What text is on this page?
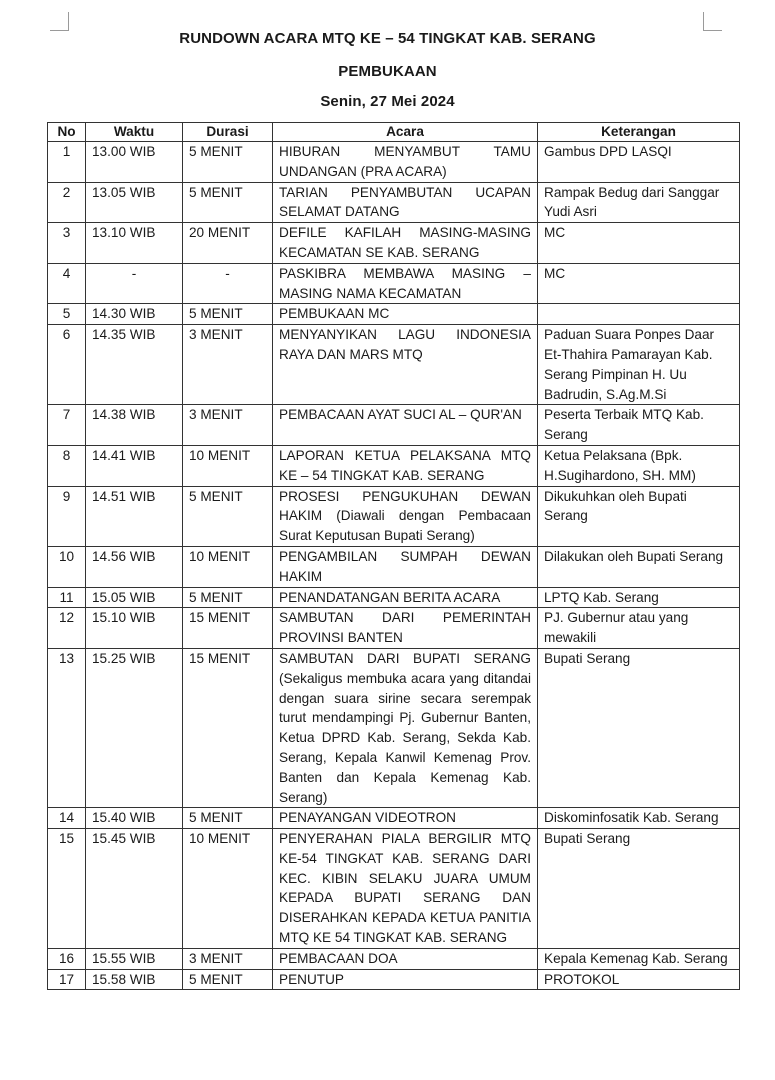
RUNDOWN ACARA MTQ KE – 54 TINGKAT KAB. SERANG
PEMBUKAAN
Senin, 27 Mei 2024
No	Waktu	Durasi	Acara	Keterangan
1	13.00 WIB	5 MENIT	HIBURAN MENYAMBUT TAMU UNDANGAN (PRA ACARA)	Gambus DPD LASQI
2	13.05 WIB	5 MENIT	TARIAN PENYAMBUTAN UCAPAN SELAMAT DATANG	Rampak Bedug dari Sanggar Yudi Asri
3	13.10 WIB	20 MENIT	DEFILE KAFILAH MASING-MASING KECAMATAN SE KAB. SERANG	MC
4	-	-	PASKIBRA MEMBAWA MASING – MASING NAMA KECAMATAN	MC
5	14.30 WIB	5 MENIT	PEMBUKAAN MC	
6	14.35 WIB	3 MENIT	MENYANYIKAN LAGU INDONESIA RAYA DAN MARS MTQ	Paduan Suara Ponpes Daar Et-Thahira Pamarayan Kab. Serang Pimpinan H. Uu Badrudin, S.Ag.M.Si
7	14.38 WIB	3 MENIT	PEMBACAAN AYAT SUCI AL – QUR'AN	Peserta Terbaik MTQ Kab. Serang
8	14.41 WIB	10 MENIT	LAPORAN KETUA PELAKSANA MTQ KE – 54 TINGKAT KAB. SERANG	Ketua Pelaksana (Bpk. H.Sugihardono, SH. MM)
9	14.51 WIB	5 MENIT	PROSESI PENGUKUHAN DEWAN HAKIM (Diawali dengan Pembacaan Surat Keputusan Bupati Serang)	Dikukuhkan oleh Bupati Serang
10	14.56 WIB	10 MENIT	PENGAMBILAN SUMPAH DEWAN HAKIM	Dilakukan oleh Bupati Serang
11	15.05 WIB	5 MENIT	PENANDATANGAN BERITA ACARA	LPTQ Kab. Serang
12	15.10 WIB	15 MENIT	SAMBUTAN DARI PEMERINTAH PROVINSI BANTEN	PJ. Gubernur atau yang mewakili
13	15.25 WIB	15 MENIT	SAMBUTAN DARI BUPATI SERANG (Sekaligus membuka acara yang ditandai dengan suara sirine secara serempak turut mendampingi Pj. Gubernur Banten, Ketua DPRD Kab. Serang, Sekda Kab. Serang, Kepala Kanwil Kemenag Prov. Banten dan Kepala Kemenag Kab. Serang)	Bupati Serang
14	15.40 WIB	5 MENIT	PENAYANGAN VIDEOTRON	Diskominfosatik Kab. Serang
15	15.45 WIB	10 MENIT	PENYERAHAN PIALA BERGILIR MTQ KE-54 TINGKAT KAB. SERANG DARI KEC. KIBIN SELAKU JUARA UMUM KEPADA BUPATI SERANG DAN DISERAHKAN KEPADA KETUA PANITIA MTQ KE 54 TINGKAT KAB. SERANG	Bupati Serang
16	15.55 WIB	3 MENIT	PEMBACAAN DOA	Kepala Kemenag Kab. Serang
17	15.58 WIB	5 MENIT	PENUTUP	PROTOKOL
